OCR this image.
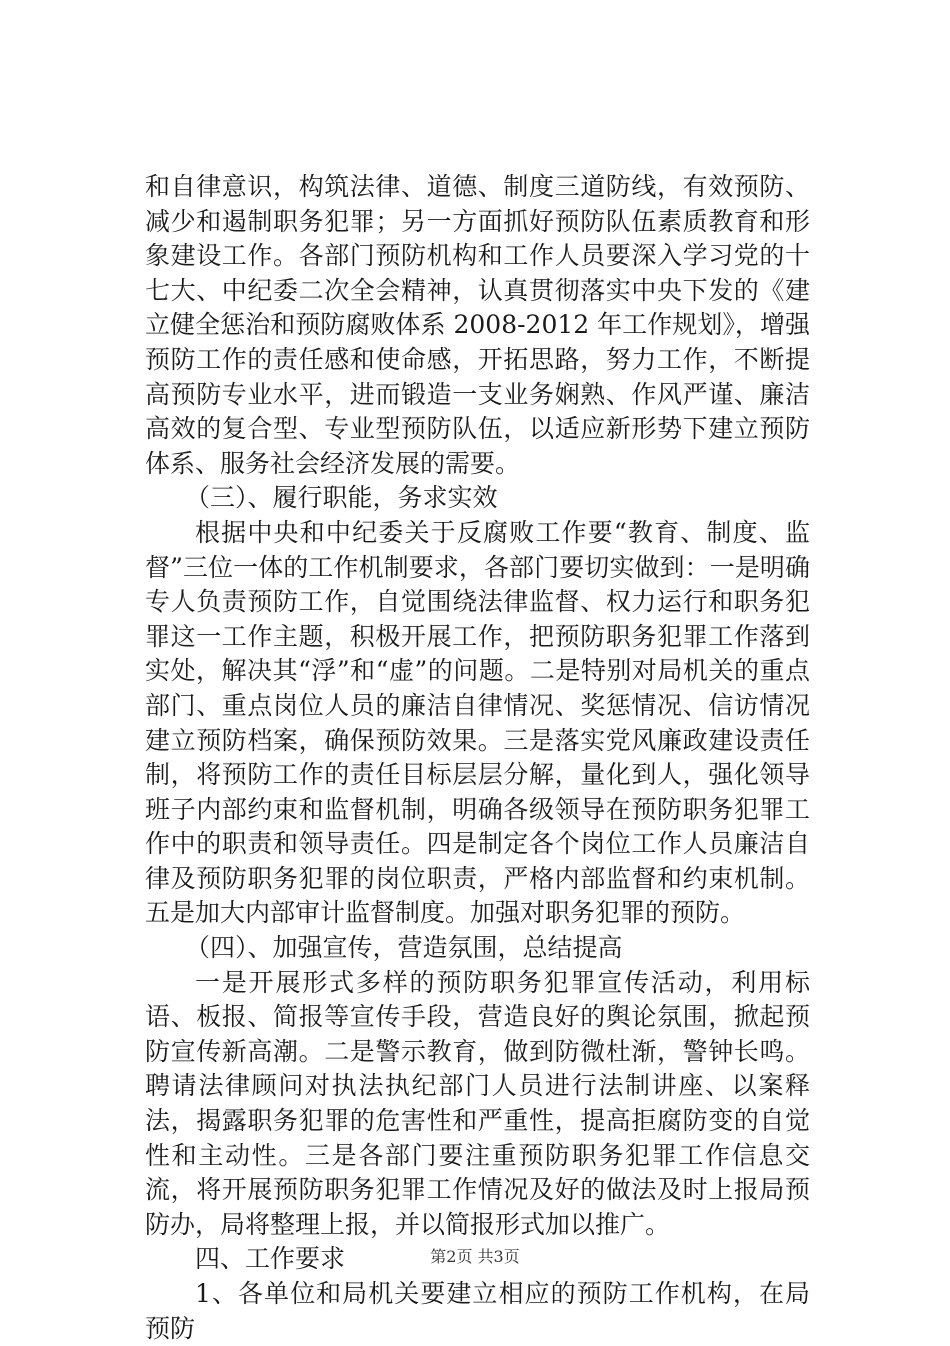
和自律意识，构筑法律、道德、制度三道防线，有效预防、减少和遏制职务犯罪；另一方面抓好预防队伍素质教育和形象建设工作。各部门预防机构和工作人员要深入学习党的十七大、中纪委二次全会精神，认真贯彻落实中央下发的《建立健全惩治和预防腐败体系 2008-2012 年工作规划》，增强预防工作的责任感和使命感，开拓思路，努力工作，不断提高预防专业水平，进而锻造一支业务娴熟、作风严谨、廉洁高效的复合型、专业型预防队伍，以适应新形势下建立预防体系、服务社会经济发展的需要。

（三）、履行职能，务求实效

根据中央和中纪委关于反腐败工作要“教育、制度、监督”三位一体的工作机制要求，各部门要切实做到：一是明确专人负责预防工作，自觉围绕法律监督、权力运行和职务犯罪这一工作主题，积极开展工作，把预防职务犯罪工作落到实处，解决其“浮”和“虚”的问题。二是特别对局机关的重点部门、重点岗位人员的廉洁自律情况、奖惩情况、信访情况建立预防档案，确保预防效果。三是落实党风廉政建设责任制，将预防工作的责任目标层层分解，量化到人，强化领导班子内部约束和监督机制，明确各级领导在预防职务犯罪工作中的职责和领导责任。四是制定各个岗位工作人员廉洁自律及预防职务犯罪的岗位职责，严格内部监督和约束机制。五是加大内部审计监督制度。加强对职务犯罪的预防。

（四）、加强宣传，营造氛围，总结提高

一是开展形式多样的预防职务犯罪宣传活动，利用标语、板报、简报等宣传手段，营造良好的舆论氛围，掀起预防宣传新高潮。二是警示教育，做到防微杜渐，警钟长鸣。聘请法律顾问对执法执纪部门人员进行法制讲座、以案释法，揭露职务犯罪的危害性和严重性，提高拒腐防变的自觉性和主动性。三是各部门要注重预防职务犯罪工作信息交流，将开展预防职务犯罪工作情况及好的做法及时上报局预防办，局将整理上报，并以简报形式加以推广。

四、工作要求

1、各单位和局机关要建立相应的预防工作机构，在局预防

第2页 共3页
